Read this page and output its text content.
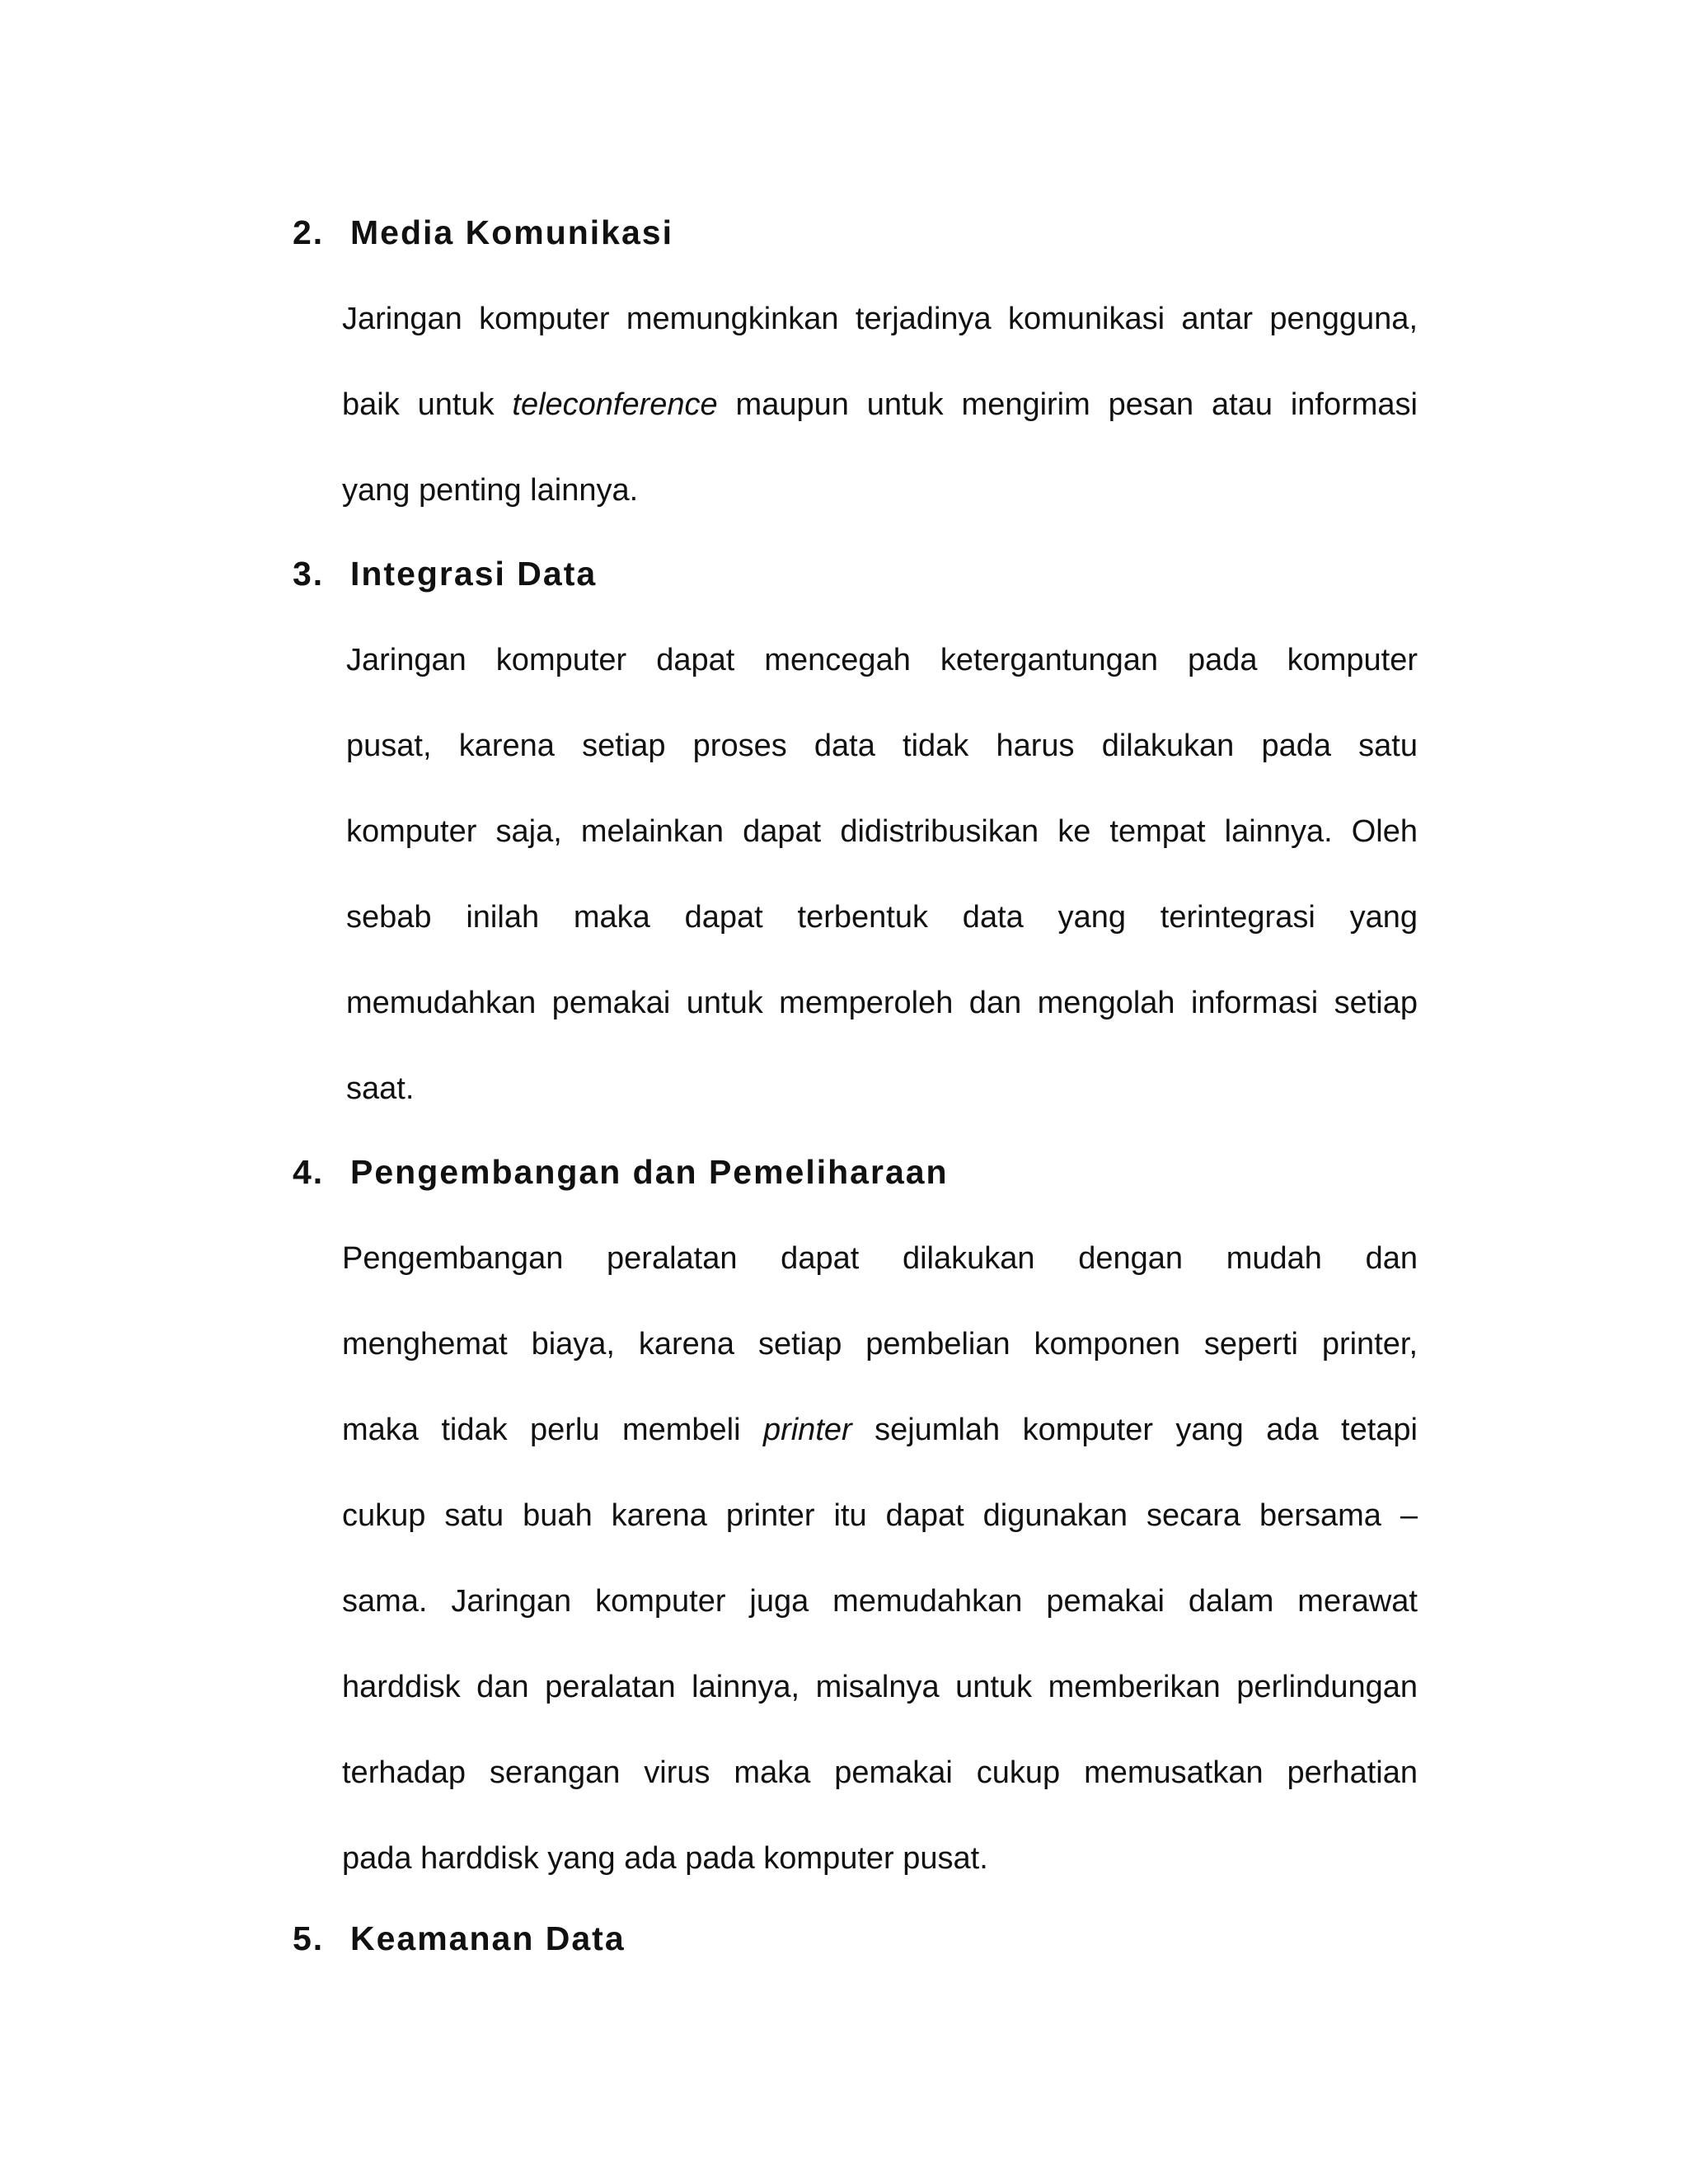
2. Media Komunikasi
Jaringan komputer memungkinkan terjadinya komunikasi antar pengguna,
baik untuk teleconference maupun untuk mengirim pesan atau informasi
yang penting lainnya.
3. Integrasi Data
Jaringan komputer dapat mencegah ketergantungan pada komputer
pusat, karena setiap proses data tidak harus dilakukan pada satu
komputer saja, melainkan dapat didistribusikan ke tempat lainnya. Oleh
sebab inilah maka dapat terbentuk data yang terintegrasi yang
memudahkan pemakai untuk memperoleh dan mengolah informasi setiap
saat.
4. Pengembangan dan Pemeliharaan
Pengembangan peralatan dapat dilakukan dengan mudah dan
menghemat biaya, karena setiap pembelian komponen seperti printer,
maka tidak perlu membeli printer sejumlah komputer yang ada tetapi
cukup satu buah karena printer itu dapat digunakan secara bersama –
sama. Jaringan komputer juga memudahkan pemakai dalam merawat
harddisk dan peralatan lainnya, misalnya untuk memberikan perlindungan
terhadap serangan virus maka pemakai cukup memusatkan perhatian
pada harddisk yang ada pada komputer pusat.
5. Keamanan Data
